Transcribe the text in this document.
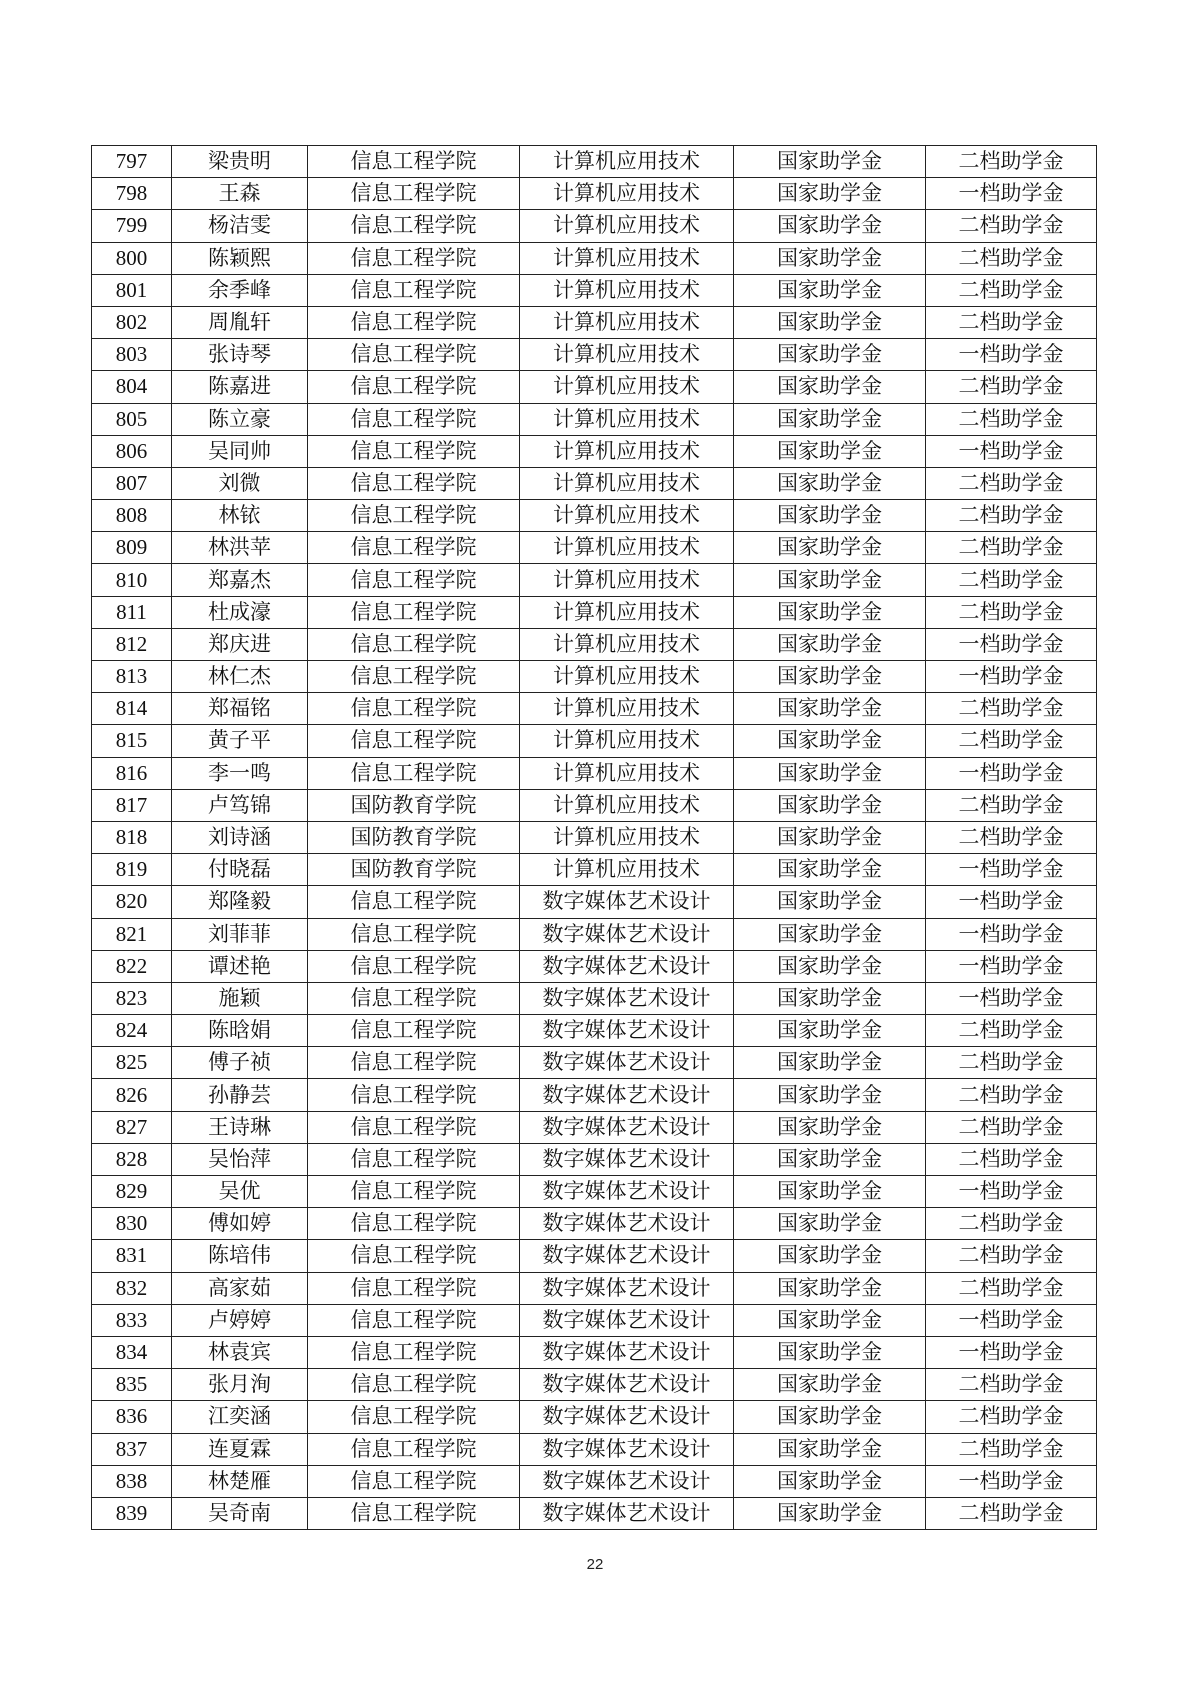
797	梁贵明	信息工程学院	计算机应用技术	国家助学金	二档助学金
798	王森	信息工程学院	计算机应用技术	国家助学金	一档助学金
799	杨洁雯	信息工程学院	计算机应用技术	国家助学金	二档助学金
800	陈颖熙	信息工程学院	计算机应用技术	国家助学金	二档助学金
801	余季峰	信息工程学院	计算机应用技术	国家助学金	二档助学金
802	周胤轩	信息工程学院	计算机应用技术	国家助学金	二档助学金
803	张诗琴	信息工程学院	计算机应用技术	国家助学金	一档助学金
804	陈嘉进	信息工程学院	计算机应用技术	国家助学金	二档助学金
805	陈立豪	信息工程学院	计算机应用技术	国家助学金	二档助学金
806	吴同帅	信息工程学院	计算机应用技术	国家助学金	一档助学金
807	刘微	信息工程学院	计算机应用技术	国家助学金	二档助学金
808	林铱	信息工程学院	计算机应用技术	国家助学金	二档助学金
809	林洪苹	信息工程学院	计算机应用技术	国家助学金	二档助学金
810	郑嘉杰	信息工程学院	计算机应用技术	国家助学金	二档助学金
811	杜成濠	信息工程学院	计算机应用技术	国家助学金	二档助学金
812	郑庆进	信息工程学院	计算机应用技术	国家助学金	一档助学金
813	林仁杰	信息工程学院	计算机应用技术	国家助学金	一档助学金
814	郑福铭	信息工程学院	计算机应用技术	国家助学金	二档助学金
815	黄子平	信息工程学院	计算机应用技术	国家助学金	二档助学金
816	李一鸣	信息工程学院	计算机应用技术	国家助学金	一档助学金
817	卢笃锦	国防教育学院	计算机应用技术	国家助学金	二档助学金
818	刘诗涵	国防教育学院	计算机应用技术	国家助学金	二档助学金
819	付晓磊	国防教育学院	计算机应用技术	国家助学金	一档助学金
820	郑隆毅	信息工程学院	数字媒体艺术设计	国家助学金	一档助学金
821	刘菲菲	信息工程学院	数字媒体艺术设计	国家助学金	一档助学金
822	谭述艳	信息工程学院	数字媒体艺术设计	国家助学金	一档助学金
823	施颖	信息工程学院	数字媒体艺术设计	国家助学金	一档助学金
824	陈晗娟	信息工程学院	数字媒体艺术设计	国家助学金	二档助学金
825	傅子祯	信息工程学院	数字媒体艺术设计	国家助学金	二档助学金
826	孙静芸	信息工程学院	数字媒体艺术设计	国家助学金	二档助学金
827	王诗琳	信息工程学院	数字媒体艺术设计	国家助学金	二档助学金
828	吴怡萍	信息工程学院	数字媒体艺术设计	国家助学金	二档助学金
829	吴优	信息工程学院	数字媒体艺术设计	国家助学金	一档助学金
830	傅如婷	信息工程学院	数字媒体艺术设计	国家助学金	二档助学金
831	陈培伟	信息工程学院	数字媒体艺术设计	国家助学金	二档助学金
832	高家茹	信息工程学院	数字媒体艺术设计	国家助学金	二档助学金
833	卢婷婷	信息工程学院	数字媒体艺术设计	国家助学金	一档助学金
834	林袁宾	信息工程学院	数字媒体艺术设计	国家助学金	一档助学金
835	张月洵	信息工程学院	数字媒体艺术设计	国家助学金	二档助学金
836	江奕涵	信息工程学院	数字媒体艺术设计	国家助学金	二档助学金
837	连夏霖	信息工程学院	数字媒体艺术设计	国家助学金	二档助学金
838	林楚雁	信息工程学院	数字媒体艺术设计	国家助学金	一档助学金
839	吴奇南	信息工程学院	数字媒体艺术设计	国家助学金	二档助学金
22
